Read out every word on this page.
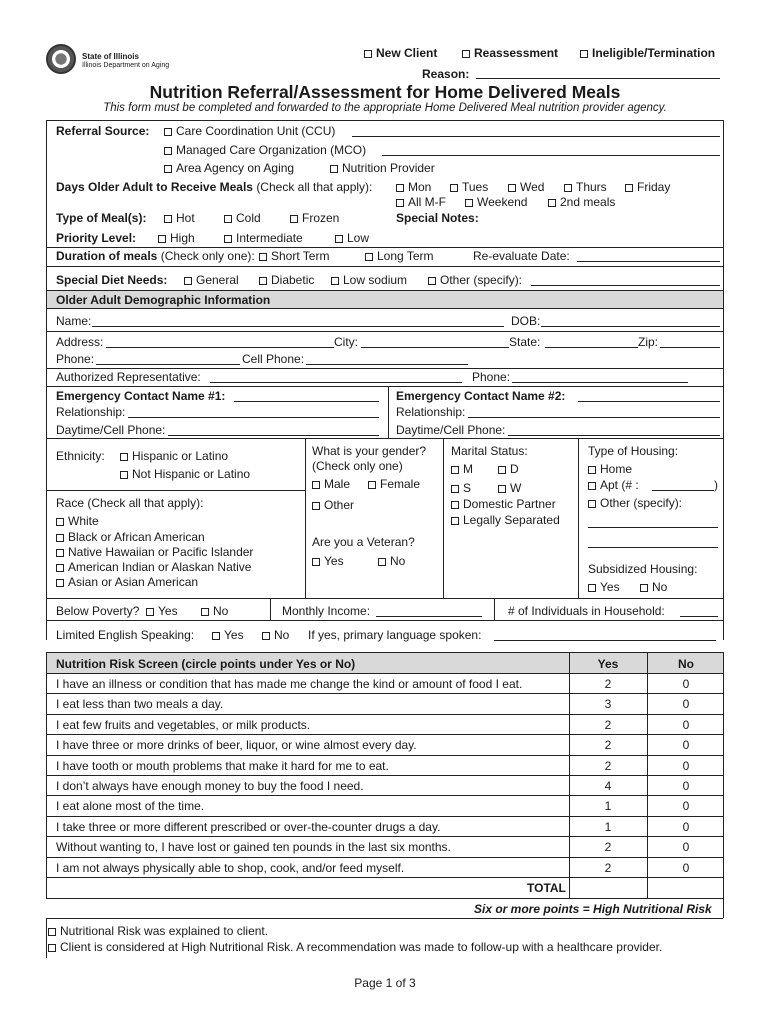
State of Illinois
Illinois Department on Aging
New Client	Reassessment	Ineligible/Termination
Reason:
Nutrition Referral/Assessment for Home Delivered Meals
This form must be completed and forwarded to the appropriate Home Delivered Meal nutrition provider agency.
Referral Source:	Care Coordination Unit (CCU)
Managed Care Organization (MCO)
Area Agency on Aging	Nutrition Provider
Days Older Adult to Receive Meals (Check all that apply):	Mon	Tues	Wed	Thurs	Friday
All M-F	Weekend	2nd meals
Type of Meal(s):	Hot	Cold	Frozen	Special Notes:
Priority Level:	High	Intermediate	Low
Duration of meals (Check only one):	Short Term	Long Term	Re-evaluate Date:
Special Diet Needs:	General	Diabetic	Low sodium	Other (specify):
Older Adult Demographic Information
Name:	DOB:
Address:	City:	State:	Zip:
Phone:	Cell Phone:
Authorized Representative:	Phone:
Emergency Contact Name #1:
Relationship:
Daytime/Cell Phone:
Emergency Contact Name #2:
Relationship:
Daytime/Cell Phone:
Ethnicity:	Hispanic or Latino
Not Hispanic or Latino
Race (Check all that apply):
White
Black or African American
Native Hawaiian or Pacific Islander
American Indian or Alaskan Native
Asian or Asian American
What is your gender?
(Check only one)
Male	Female
Other
Are you a Veteran?
Yes	No
Marital Status:
M	D
S	W
Domestic Partner
Legally Separated
Type of Housing:
Home
Apt (# :	)
Other (specify):
Subsidized Housing:
Yes	No
Below Poverty?	Yes	No	Monthly Income:	# of Individuals in Household:
Limited English Speaking:	Yes	No If yes, primary language spoken:
Nutrition Risk Screen (circle points under Yes or No)	Yes	No
I have an illness or condition that has made me change the kind or amount of food I eat.	2	0
I eat less than two meals a day.	3	0
I eat few fruits and vegetables, or milk products.	2	0
I have three or more drinks of beer, liquor, or wine almost every day.	2	0
I have tooth or mouth problems that make it hard for me to eat.	2	0
I don’t always have enough money to buy the food I need.	4	0
I eat alone most of the time.	1	0
I take three or more different prescribed or over-the-counter drugs a day.	1	0
Without wanting to, I have lost or gained ten pounds in the last six months.	2	0
I am not always physically able to shop, cook, and/or feed myself.	2	0
TOTAL
Six or more points = High Nutritional Risk
Nutritional Risk was explained to client.
Client is considered at High Nutritional Risk. A recommendation was made to follow-up with a healthcare provider.
Page 1 of 3
